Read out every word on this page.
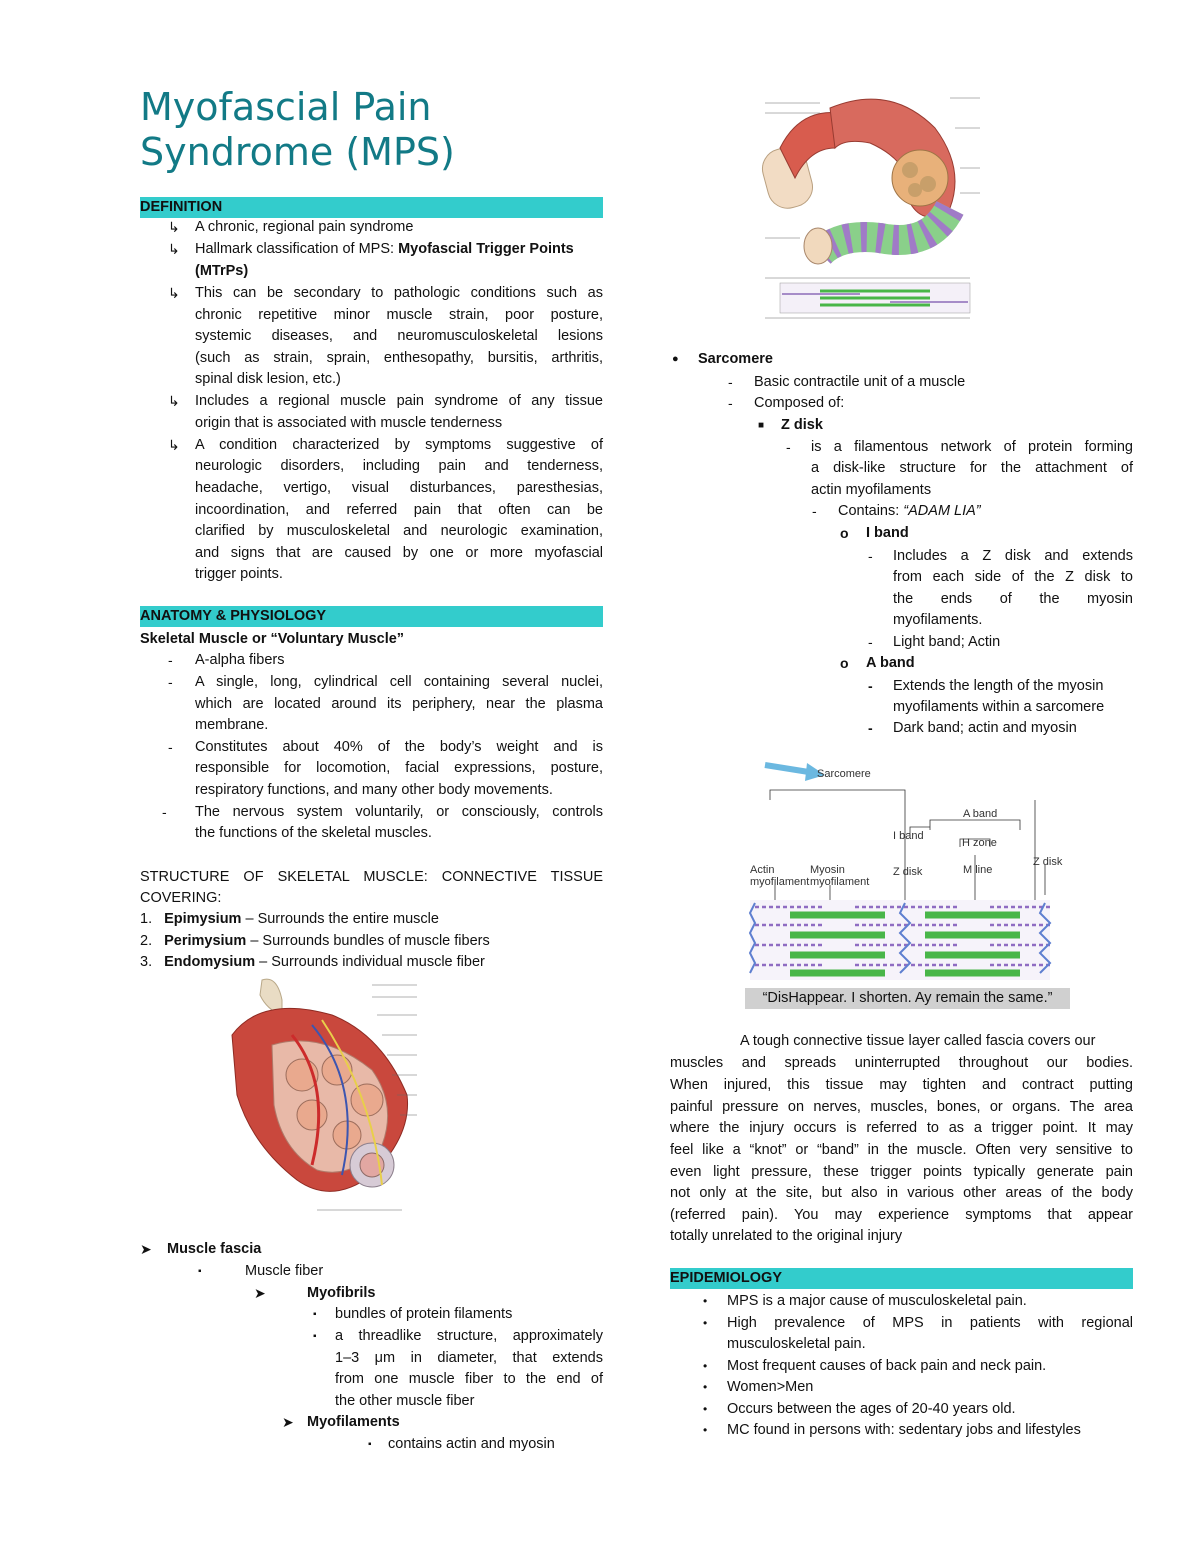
Myofascial Pain
Syndrome (MPS)
DEFINITION
↳ A chronic, regional pain syndrome
↳ Hallmark classification of MPS: Myofascial Trigger Points
(MTrPs)
↳ This can be secondary to pathologic conditions such as
chronic repetitive minor muscle strain, poor posture,
systemic diseases, and neuromusculoskeletal lesions
(such as strain, sprain, enthesopathy, bursitis, arthritis,
spinal disk lesion, etc.)
↳ Includes a regional muscle pain syndrome of any tissue
origin that is associated with muscle tenderness
↳ A condition characterized by symptoms suggestive of
neurologic disorders, including pain and tenderness,
headache, vertigo, visual disturbances, paresthesias,
incoordination, and referred pain that often can be
clarified by musculoskeletal and neurologic examination,
and signs that are caused by one or more myofascial
trigger points.
ANATOMY & PHYSIOLOGY
Skeletal Muscle or “Voluntary Muscle”
- A-alpha fibers
- A single, long, cylindrical cell containing several nuclei,
which are located around its periphery, near the plasma
membrane.
- Constitutes about 40% of the body’s weight and is
responsible for locomotion, facial expressions, posture,
respiratory functions, and many other body movements.
- The nervous system voluntarily, or consciously, controls
the functions of the skeletal muscles.
STRUCTURE OF SKELETAL MUSCLE: CONNECTIVE TISSUE
COVERING:
1. Epimysium – Surrounds the entire muscle
2. Perimysium – Surrounds bundles of muscle fibers
3. Endomysium – Surrounds individual muscle fiber
➤ Muscle fascia
▪	Muscle fiber
➤	Myofibrils
▪ bundles of protein filaments
▪ a threadlike structure, approximately
1–3 μm in diameter, that extends
from one muscle fiber to the end of
the other muscle fiber
➤ Myofilaments
▪ contains actin and myosin
● Sarcomere
- Basic contractile unit of a muscle
- Composed of:
■ Z disk
- is a filamentous network of protein forming
a disk-like structure for the attachment of
actin myofilaments
- Contains: “ADAM LIA”
o I band
- Includes a Z disk and extends
from each side of the Z disk to
the ends of the myosin
myofilaments.
- Light band; Actin
o A band
- Extends the length of the myosin
myofilaments within a sarcomere
- Dark band; actin and myosin
Sarcomere
A band
I band
H zone
Z disk
Z disk
M line
Actin
myofilament
Myosin
myofilament
“DisHappear. I shorten. Ay remain the same.”
A tough connective tissue layer called fascia covers our
muscles and spreads uninterrupted throughout our bodies.
When injured, this tissue may tighten and contract putting
painful pressure on nerves, muscles, bones, or organs. The area
where the injury occurs is referred to as a trigger point. It may
feel like a “knot” or “band” in the muscle. Often very sensitive to
even light pressure, these trigger points typically generate pain
not only at the site, but also in various other areas of the body
(referred pain). You may experience symptoms that appear
totally unrelated to the original injury
EPIDEMIOLOGY
• MPS is a major cause of musculoskeletal pain.
• High prevalence of MPS in patients with regional
musculoskeletal pain.
• Most frequent causes of back pain and neck pain.
• Women>Men
• Occurs between the ages of 20-40 years old.
• MC found in persons with: sedentary jobs and lifestyles
